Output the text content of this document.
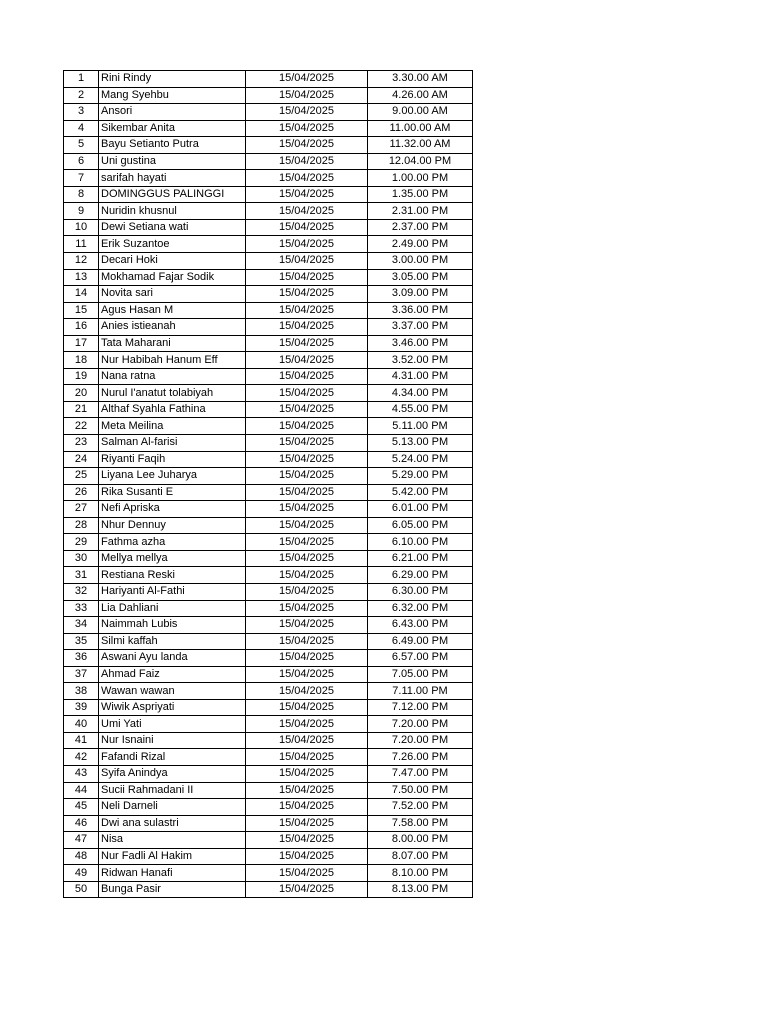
1	Rini Rindy	15/04/2025	3.30.00 AM
2	Mang Syehbu	15/04/2025	4.26.00 AM
3	Ansori	15/04/2025	9.00.00 AM
4	Sikembar Anita	15/04/2025	11.00.00 AM
5	Bayu Setianto Putra	15/04/2025	11.32.00 AM
6	Uni gustina	15/04/2025	12.04.00 PM
7	sarifah hayati	15/04/2025	1.00.00 PM
8	DOMINGGUS PALINGGI	15/04/2025	1.35.00 PM
9	Nuridin khusnul	15/04/2025	2.31.00 PM
10	Dewi Setiana wati	15/04/2025	2.37.00 PM
11	Erik Suzantoe	15/04/2025	2.49.00 PM
12	Decari Hoki	15/04/2025	3.00.00 PM
13	Mokhamad Fajar Sodik	15/04/2025	3.05.00 PM
14	Novita sari	15/04/2025	3.09.00 PM
15	Agus Hasan M	15/04/2025	3.36.00 PM
16	Anies istieanah	15/04/2025	3.37.00 PM
17	Tata Maharani	15/04/2025	3.46.00 PM
18	Nur Habibah Hanum Eff	15/04/2025	3.52.00 PM
19	Nana ratna	15/04/2025	4.31.00 PM
20	Nurul I'anatut tolabiyah	15/04/2025	4.34.00 PM
21	Althaf Syahla Fathina	15/04/2025	4.55.00 PM
22	Meta Meilina	15/04/2025	5.11.00 PM
23	Salman Al-farisi	15/04/2025	5.13.00 PM
24	Riyanti Faqih	15/04/2025	5.24.00 PM
25	Liyana Lee Juharya	15/04/2025	5.29.00 PM
26	Rika Susanti E	15/04/2025	5.42.00 PM
27	Nefi Apriska	15/04/2025	6.01.00 PM
28	Nhur Dennuy	15/04/2025	6.05.00 PM
29	Fathma azha	15/04/2025	6.10.00 PM
30	Mellya mellya	15/04/2025	6.21.00 PM
31	Restiana Reski	15/04/2025	6.29.00 PM
32	Hariyanti Al-Fathi	15/04/2025	6.30.00 PM
33	Lia Dahliani	15/04/2025	6.32.00 PM
34	Naimmah Lubis	15/04/2025	6.43.00 PM
35	Silmi kaffah	15/04/2025	6.49.00 PM
36	Aswani Ayu landa	15/04/2025	6.57.00 PM
37	Ahmad Faiz	15/04/2025	7.05.00 PM
38	Wawan wawan	15/04/2025	7.11.00 PM
39	Wiwik Aspriyati	15/04/2025	7.12.00 PM
40	Umi Yati	15/04/2025	7.20.00 PM
41	Nur Isnaini	15/04/2025	7.20.00 PM
42	Fafandi Rizal	15/04/2025	7.26.00 PM
43	Syifa Anindya	15/04/2025	7.47.00 PM
44	Sucii Rahmadani II	15/04/2025	7.50.00 PM
45	Neli Darneli	15/04/2025	7.52.00 PM
46	Dwi ana sulastri	15/04/2025	7.58.00 PM
47	Nisa	15/04/2025	8.00.00 PM
48	Nur Fadli Al Hakim	15/04/2025	8.07.00 PM
49	Ridwan Hanafi	15/04/2025	8.10.00 PM
50	Bunga Pasir	15/04/2025	8.13.00 PM
